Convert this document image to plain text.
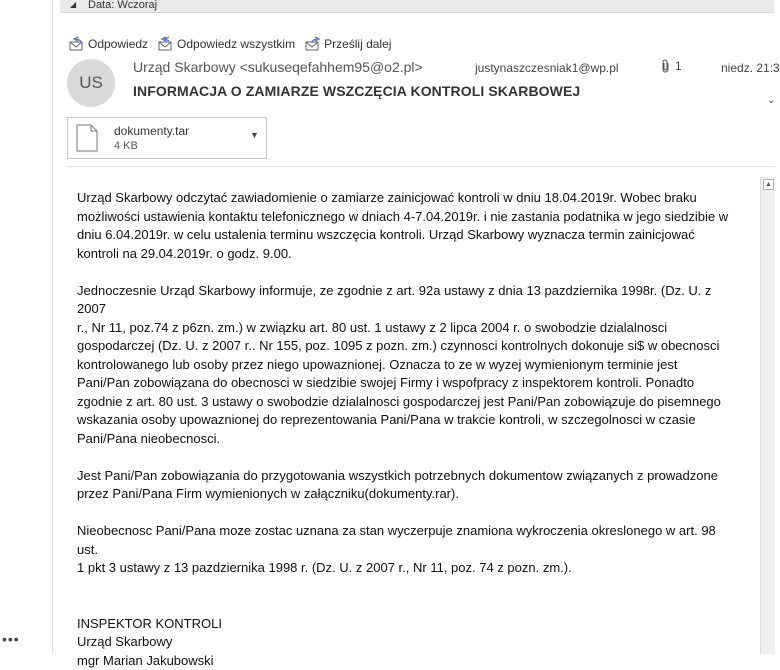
•••
◢ Data: Wczoraj
Odpowiedz Odpowiedz wszystkim Prześlij dalej
US
Urząd Skarbowy <sukuseqefahhem95@o2.pl>	justynaszczesniak1@wp.pl	1	niedz. 21:3
⌄
INFORMACJA O ZAMIARZE WSZCZĘCIA KONTROLI SKARBOWEJ
dokumenty.tar
4 KB
▼

Urząd Skarbowy odczytać zawiadomienie o zamiarze zainicjować kontroli w dniu 18.04.2019r. Wobec braku
możliwości ustawienia kontaktu telefonicznego w dniach 4-7.04.2019r. i nie zastania podatnika w jego siedzibie w
dniu 6.04.2019r. w celu ustalenia terminu wszczęcia kontroli. Urząd Skarbowy wyznacza termin zainicjować
kontroli na 29.04.2019r. o godz. 9.00.

Jednoczesnie Urząd Skarbowy informuje, ze zgodnie z art. 92a ustawy z dnia 13 pazdziernika 1998r. (Dz. U. z 2007
r., Nr 11, poz.74 z p6zn. zm.) w związku art. 80 ust. 1 ustawy z 2 lipca 2004 r. o swobodzie dzialalnosci
gospodarczej (Dz. U. z 2007 r.. Nr 155, poz. 1095 z pozn. zm.) czynnosci kontrolnych dokonuje si$ w obecnosci
kontrolowanego lub osoby przez niego upowaznionej. Oznacza to ze w wyzej wymienionym terminie jest
Pani/Pan zobowiązana do obecnosci w siedzibie swojej Firmy i wspofpracy z inspektorem kontroli. Ponadto
zgodnie z art. 80 ust. 3 ustawy o swobodzie dzialalnosci gospodarczej jest Pani/Pan zobowiązuje do pisemnego
wskazania osoby upowaznionej do reprezentowania Pani/Pana w trakcie kontroli, w szczegolnosci w czasie
Pani/Pana nieobecnosci.

Jest Pani/Pan zobowiązania do przygotowania wszystkich potrzebnych dokumentow związanych z prowadzone
przez Pani/Pana Firm wymienionych w załączniku(dokumenty.rar).

Nieobecnosc Pani/Pana moze zostac uznana za stan wyczerpuje znamiona wykroczenia okreslonego w art. 98 ust.
1 pkt 3 ustawy z 13 pazdziernika 1998 r. (Dz. U. z 2007 r., Nr 11, poz. 74 z pozn. zm.).

INSPEKTOR KONTROLI
Urząd Skarbowy
mgr Marian Jakubowski
▲
